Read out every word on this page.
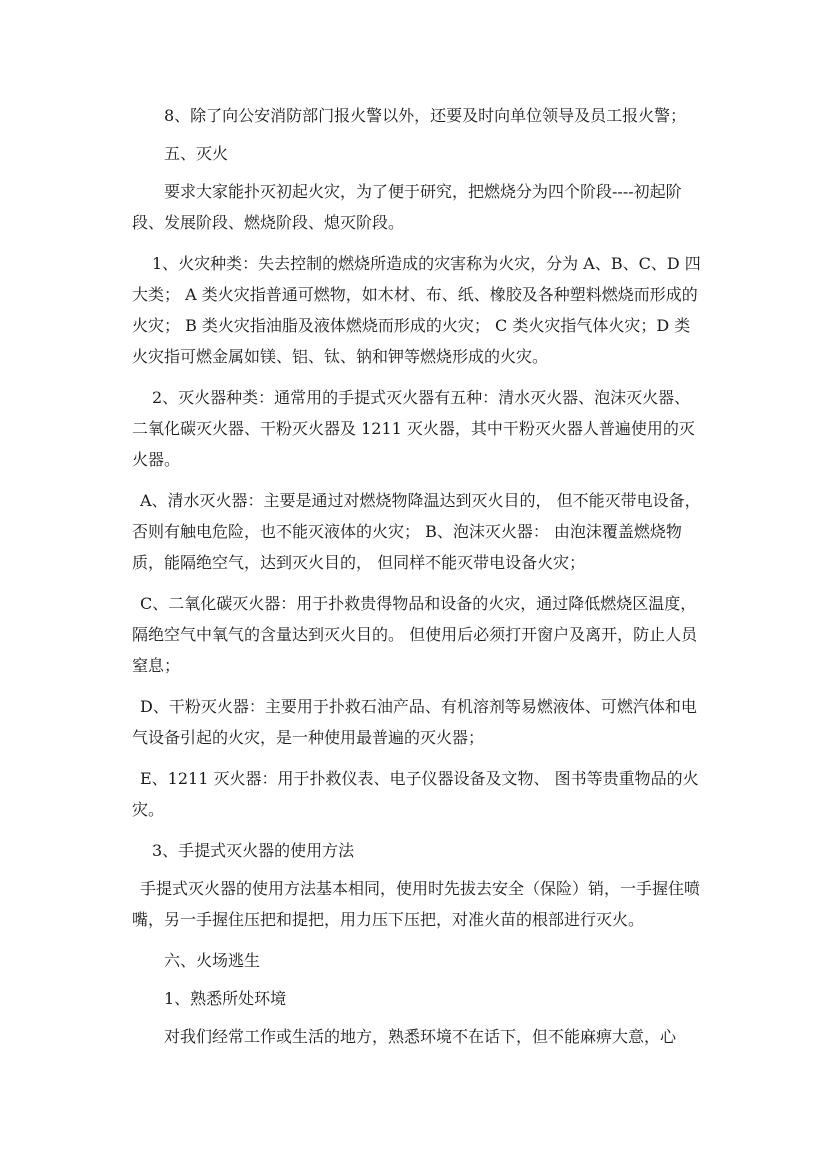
8、除了向公安消防部门报火警以外，还要及时向单位领导及员工报火警；

五、灭火

要求大家能扑灭初起火灾，为了便于研究，把燃烧分为四个阶段----初起阶段、发展阶段、燃烧阶段、熄灭阶段。

1、火灾种类：失去控制的燃烧所造成的灾害称为火灾，分为 A、B、C、D 四大类； A 类火灾指普通可燃物，如木材、布、纸、橡胶及各种塑料燃烧而形成的火灾； B 类火灾指油脂及液体燃烧而形成的火灾； C 类火灾指气体火灾；D 类火灾指可燃金属如镁、铝、钛、钠和钾等燃烧形成的火灾。

2、灭火器种类：通常用的手提式灭火器有五种：清水灭火器、泡沫灭火器、二氧化碳灭火器、干粉灭火器及 1211 灭火器，其中干粉灭火器人普遍使用的灭火器。

A、清水灭火器：主要是通过对燃烧物降温达到灭火目的， 但不能灭带电设备，否则有触电危险，也不能灭液体的火灾； B、泡沫灭火器： 由泡沫覆盖燃烧物质，能隔绝空气，达到灭火目的， 但同样不能灭带电设备火灾；

C、二氧化碳灭火器：用于扑救贵得物品和设备的火灾，通过降低燃烧区温度，隔绝空气中氧气的含量达到灭火目的。 但使用后必须打开窗户及离开，防止人员窒息；

D、干粉灭火器：主要用于扑救石油产品、有机溶剂等易燃液体、可燃汽体和电气设备引起的火灾，是一种使用最普遍的灭火器；

E、1211 灭火器：用于扑救仪表、电子仪器设备及文物、 图书等贵重物品的火灾。

3、手提式灭火器的使用方法

手提式灭火器的使用方法基本相同，使用时先拔去安全（保险）销，一手握住喷嘴，另一手握住压把和提把，用力压下压把，对准火苗的根部进行灭火。

六、火场逃生

1、熟悉所处环境

对我们经常工作或生活的地方，熟悉环境不在话下，但不能麻痹大意，心
